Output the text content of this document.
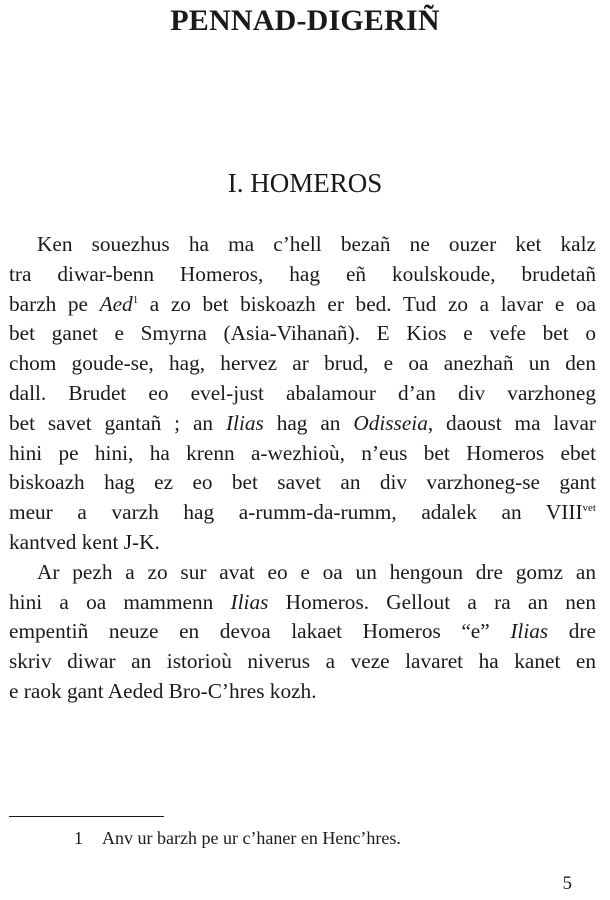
PENNAD-DIGERIÑ
I. HOMEROS

Ken souezhus ha ma c’hell bezañ ne ouzer ket kalz
tra diwar-benn Homeros, hag eñ koulskoude, brudetañ
barzh pe Aed$^1$ a zo bet biskoazh er bed. Tud zo a lavar e oa
bet ganet e Smyrna (Asia-Vihanañ). E Kios e vefe bet o
chom goude-se, hag, hervez ar brud, e oa anezhañ un den
dall. Brudet eo evel-just abalamour d’an div varzhoneg
bet savet gantañ ; an Ilias hag an Odisseia, daoust ma lavar
hini pe hini, ha krenn a-wezhioù, n’eus bet Homeros ebet
biskoazh hag ez eo bet savet an div varzhoneg-se gant
meur a varzh hag a-rumm-da-rumm, adalek an $VIII^{vet}$
kantved kent J-K.

Ar pezh a zo sur avat eo e oa un hengoun dre gomz an
hini a oa mammenn Ilias Homeros. Gellout a ra an nen
empentiñ neuze en devoa lakaet Homeros “e” Ilias dre
skriv diwar an istorioù niverus a veze lavaret ha kanet en
e raok gant Aeded Bro-C’hres kozh.

1 Anv ur barzh pe ur c’haner en Henc’hres.
5
